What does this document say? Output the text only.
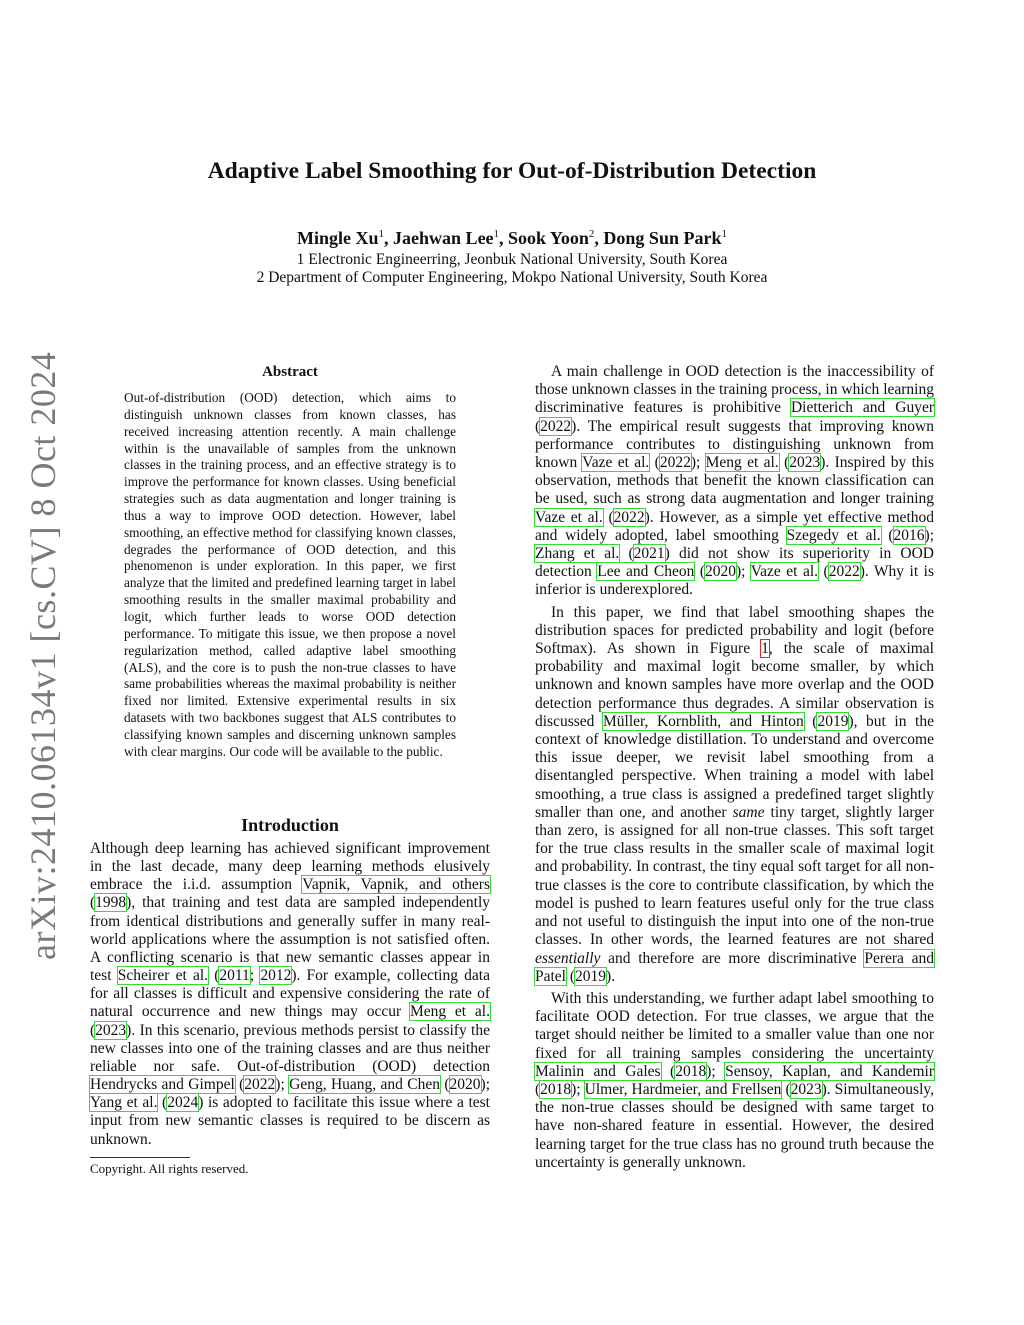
arXiv:2410.06134v1 [cs.CV] 8 Oct 2024
Adaptive Label Smoothing for Out-of-Distribution Detection
Mingle Xu$^1$, Jaehwan Lee$^1$, Sook Yoon$^2$, Dong Sun Park$^1$
1 Electronic Engineerring, Jeonbuk National University, South Korea
2 Department of Computer Engineering, Mokpo National University, South Korea
Abstract

Out-of-distribution (OOD) detection, which aims to distinguish unknown classes from known classes, has received increasing attention recently. A main challenge within is the unavailable of samples from the unknown classes in the training process, and an effective strategy is to improve the performance for known classes. Using beneficial strategies such as data augmentation and longer training is thus a way to improve OOD detection. However, label smoothing, an effective method for classifying known classes, degrades the performance of OOD detection, and this phenomenon is under exploration. In this paper, we first analyze that the limited and predefined learning target in label smoothing results in the smaller maximal probability and logit, which further leads to worse OOD detection performance. To mitigate this issue, we then propose a novel regularization method, called adaptive label smoothing (ALS), and the core is to push the non-true classes to have same probabilities whereas the maximal probability is neither fixed nor limited. Extensive experimental results in six datasets with two backbones suggest that ALS contributes to classifying known samples and discerning unknown samples with clear margins. Our code will be available to the public.

Introduction

Although deep learning has achieved significant improvement in the last decade, many deep learning methods elusively embrace the i.i.d. assumption Vapnik, Vapnik, and others (1998), that training and test data are sampled independently from identical distributions and generally suffer in many real-world applications where the assumption is not satisfied often. A conflicting scenario is that new semantic classes appear in test Scheirer et al. (2011; 2012). For example, collecting data for all classes is difficult and expensive considering the rate of natural occurrence and new things may occur Meng et al. (2023). In this scenario, previous methods persist to classify the new classes into one of the training classes and are thus neither reliable nor safe. Out-of-distribution (OOD) detection Hendrycks and Gimpel (2022); Geng, Huang, and Chen (2020); Yang et al. (2024) is adopted to facilitate this issue where a test input from new semantic classes is required to be discern as unknown.

Copyright. All rights reserved.

A main challenge in OOD detection is the inaccessibility of those unknown classes in the training process, in which learning discriminative features is prohibitive Dietterich and Guyer (2022). The empirical result suggests that improving known performance contributes to distinguishing unknown from known Vaze et al. (2022); Meng et al. (2023). Inspired by this observation, methods that benefit the known classification can be used, such as strong data augmentation and longer training Vaze et al. (2022). However, as a simple yet effective method and widely adopted, label smoothing Szegedy et al. (2016); Zhang et al. (2021) did not show its superiority in OOD detection Lee and Cheon (2020); Vaze et al. (2022). Why it is inferior is underexplored.

In this paper, we find that label smoothing shapes the distribution spaces for predicted probability and logit (before Softmax). As shown in Figure 1, the scale of maximal probability and maximal logit become smaller, by which unknown and known samples have more overlap and the OOD detection performance thus degrades. A similar observation is discussed Müller, Kornblith, and Hinton (2019), but in the context of knowledge distillation. To understand and overcome this issue deeper, we revisit label smoothing from a disentangled perspective. When training a model with label smoothing, a true class is assigned a predefined target slightly smaller than one, and another same tiny target, slightly larger than zero, is assigned for all non-true classes. This soft target for the true class results in the smaller scale of maximal logit and probability. In contrast, the tiny equal soft target for all non-true classes is the core to contribute classification, by which the model is pushed to learn features useful only for the true class and not useful to distinguish the input into one of the non-true classes. In other words, the learned features are not shared essentially and therefore are more discriminative Perera and Patel (2019).

With this understanding, we further adapt label smoothing to facilitate OOD detection. For true classes, we argue that the target should neither be limited to a smaller value than one nor fixed for all training samples considering the uncertainty Malinin and Gales (2018); Sensoy, Kaplan, and Kandemir (2018); Ulmer, Hardmeier, and Frellsen (2023). Simultaneously, the non-true classes should be designed with same target to have non-shared feature in essential. However, the desired learning target for the true class has no ground truth because the uncertainty is generally unknown.
